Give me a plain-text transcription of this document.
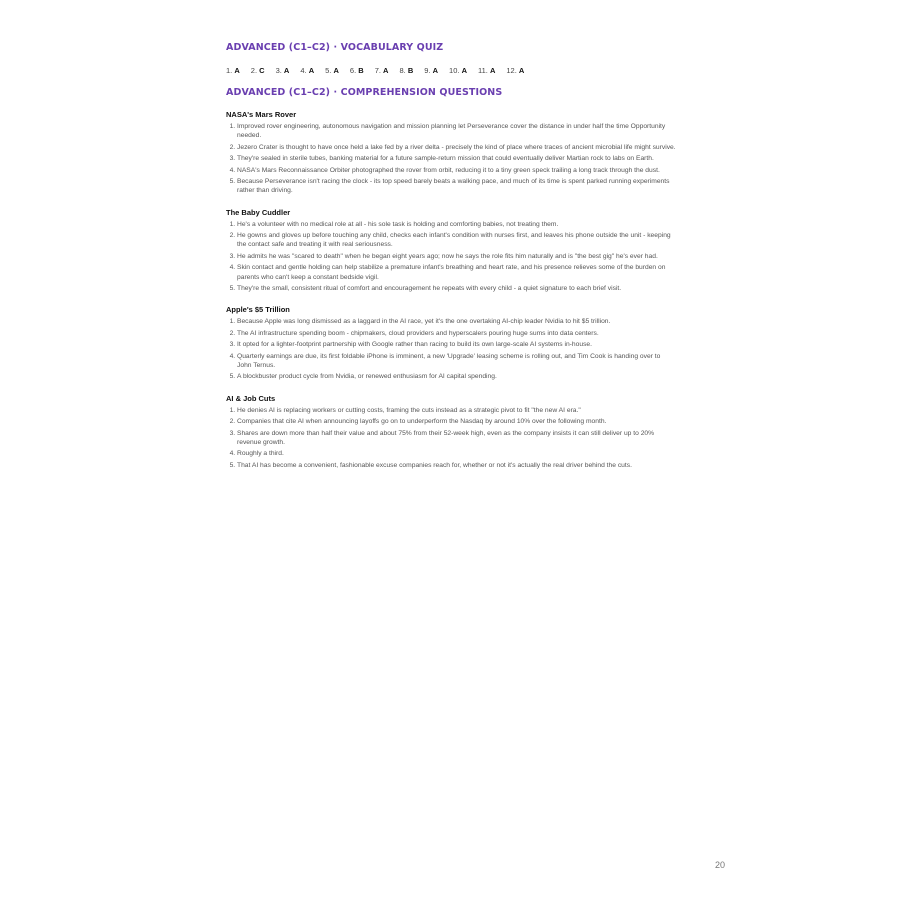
ADVANCED (C1–C2) · VOCABULARY QUIZ
1. A 2. C 3. A 4. A 5. A 6. B 7. A 8. B 9. A 10. A 11. A 12. A
ADVANCED (C1–C2) · COMPREHENSION QUESTIONS
NASA's Mars Rover
1. Improved rover engineering, autonomous navigation and mission planning let Perseverance cover the distance in under half the time Opportunity needed.
2. Jezero Crater is thought to have once held a lake fed by a river delta - precisely the kind of place where traces of ancient microbial life might survive.
3. They're sealed in sterile tubes, banking material for a future sample-return mission that could eventually deliver Martian rock to labs on Earth.
4. NASA's Mars Reconnaissance Orbiter photographed the rover from orbit, reducing it to a tiny green speck trailing a long track through the dust.
5. Because Perseverance isn't racing the clock - its top speed barely beats a walking pace, and much of its time is spent parked running experiments rather than driving.
The Baby Cuddler
1. He's a volunteer with no medical role at all - his sole task is holding and comforting babies, not treating them.
2. He gowns and gloves up before touching any child, checks each infant's condition with nurses first, and leaves his phone outside the unit - keeping the contact safe and treating it with real seriousness.
3. He admits he was "scared to death" when he began eight years ago; now he says the role fits him naturally and is "the best gig" he's ever had.
4. Skin contact and gentle holding can help stabilize a premature infant's breathing and heart rate, and his presence relieves some of the burden on parents who can't keep a constant bedside vigil.
5. They're the small, consistent ritual of comfort and encouragement he repeats with every child - a quiet signature to each brief visit.
Apple's $5 Trillion
1. Because Apple was long dismissed as a laggard in the AI race, yet it's the one overtaking AI-chip leader Nvidia to hit $5 trillion.
2. The AI infrastructure spending boom - chipmakers, cloud providers and hyperscalers pouring huge sums into data centers.
3. It opted for a lighter-footprint partnership with Google rather than racing to build its own large-scale AI systems in-house.
4. Quarterly earnings are due, its first foldable iPhone is imminent, a new 'Upgrade' leasing scheme is rolling out, and Tim Cook is handing over to John Ternus.
5. A blockbuster product cycle from Nvidia, or renewed enthusiasm for AI capital spending.
AI & Job Cuts
1. He denies AI is replacing workers or cutting costs, framing the cuts instead as a strategic pivot to fit "the new AI era."
2. Companies that cite AI when announcing layoffs go on to underperform the Nasdaq by around 10% over the following month.
3. Shares are down more than half their value and about 75% from their 52-week high, even as the company insists it can still deliver up to 20% revenue growth.
4. Roughly a third.
5. That AI has become a convenient, fashionable excuse companies reach for, whether or not it's actually the real driver behind the cuts.
20
